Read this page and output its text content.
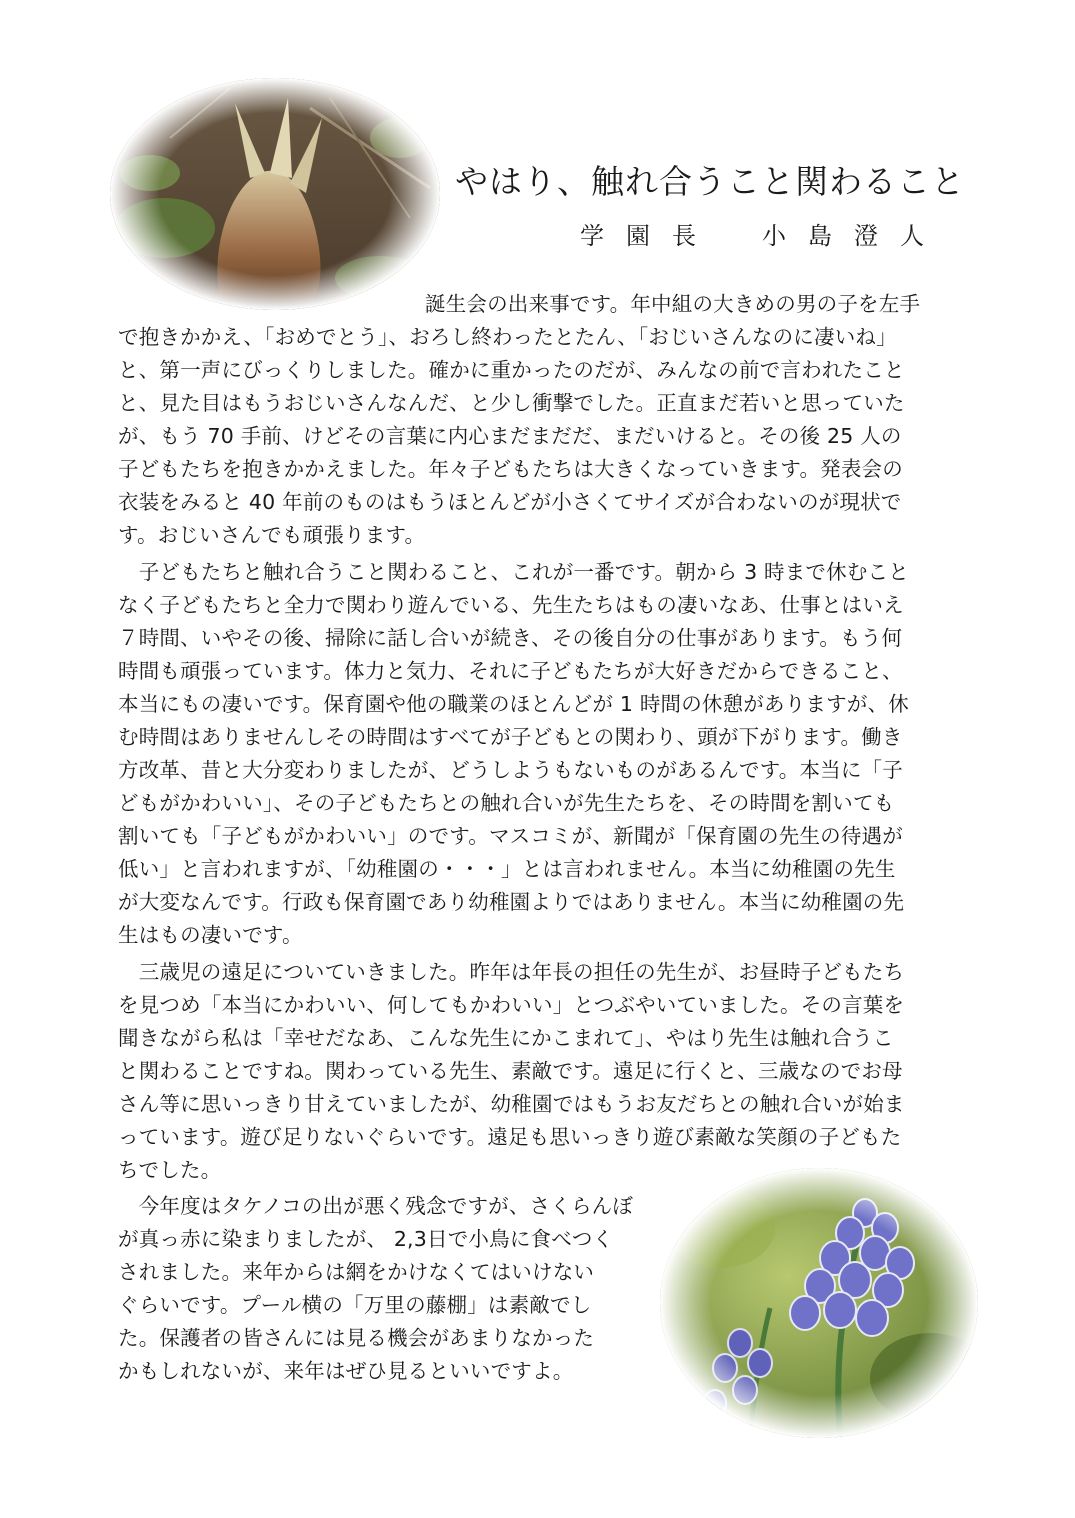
やはり、触れ合うこと関わること
学園長 小島澄人
誕生会の出来事です。年中組の大きめの男の子を左手
で抱きかかえ、「おめでとう」、おろし終わったとたん、「おじいさんなのに凄いね」
と、第一声にびっくりしました。確かに重かったのだが、みんなの前で言われたこと
と、見た目はもうおじいさんなんだ、と少し衝撃でした。正直まだ若いと思っていた
が、もう 70 手前、けどその言葉に内心まだまだだ、まだいけると。その後 25 人の
子どもたちを抱きかかえました。年々子どもたちは大きくなっていきます。発表会の
衣装をみると 40 年前のものはもうほとんどが小さくてサイズが合わないのが現状で
す。おじいさんでも頑張ります。
　子どもたちと触れ合うこと関わること、これが一番です。朝から 3 時まで休むこと
なく子どもたちと全力で関わり遊んでいる、先生たちはもの凄いなあ、仕事とはいえ
７時間、いやその後、掃除に話し合いが続き、その後自分の仕事があります。もう何
時間も頑張っています。体力と気力、それに子どもたちが大好きだからできること、
本当にもの凄いです。保育園や他の職業のほとんどが 1 時間の休憩がありますが、休
む時間はありませんしその時間はすべてが子どもとの関わり、頭が下がります。働き
方改革、昔と大分変わりましたが、どうしようもないものがあるんです。本当に「子
どもがかわいい」、その子どもたちとの触れ合いが先生たちを、その時間を割いても
割いても「子どもがかわいい」のです。マスコミが、新聞が「保育園の先生の待遇が
低い」と言われますが、「幼稚園の・・・」とは言われません。本当に幼稚園の先生
が大変なんです。行政も保育園であり幼稚園よりではありません。本当に幼稚園の先
生はもの凄いです。
　三歳児の遠足についていきました。昨年は年長の担任の先生が、お昼時子どもたち
を見つめ「本当にかわいい、何してもかわいい」とつぶやいていました。その言葉を
聞きながら私は「幸せだなあ、こんな先生にかこまれて」、やはり先生は触れ合うこ
と関わることですね。関わっている先生、素敵です。遠足に行くと、三歳なのでお母
さん等に思いっきり甘えていましたが、幼稚園ではもうお友だちとの触れ合いが始ま
っています。遊び足りないぐらいです。遠足も思いっきり遊び素敵な笑顔の子どもた
ちでした。
　今年度はタケノコの出が悪く残念ですが、さくらんぼ
が真っ赤に染まりましたが、 2,3日で小鳥に食べつく
されました。来年からは網をかけなくてはいけない
ぐらいです。プール横の「万里の藤棚」は素敵でし
た。保護者の皆さんには見る機会があまりなかった
かもしれないが、来年はぜひ見るといいですよ。
